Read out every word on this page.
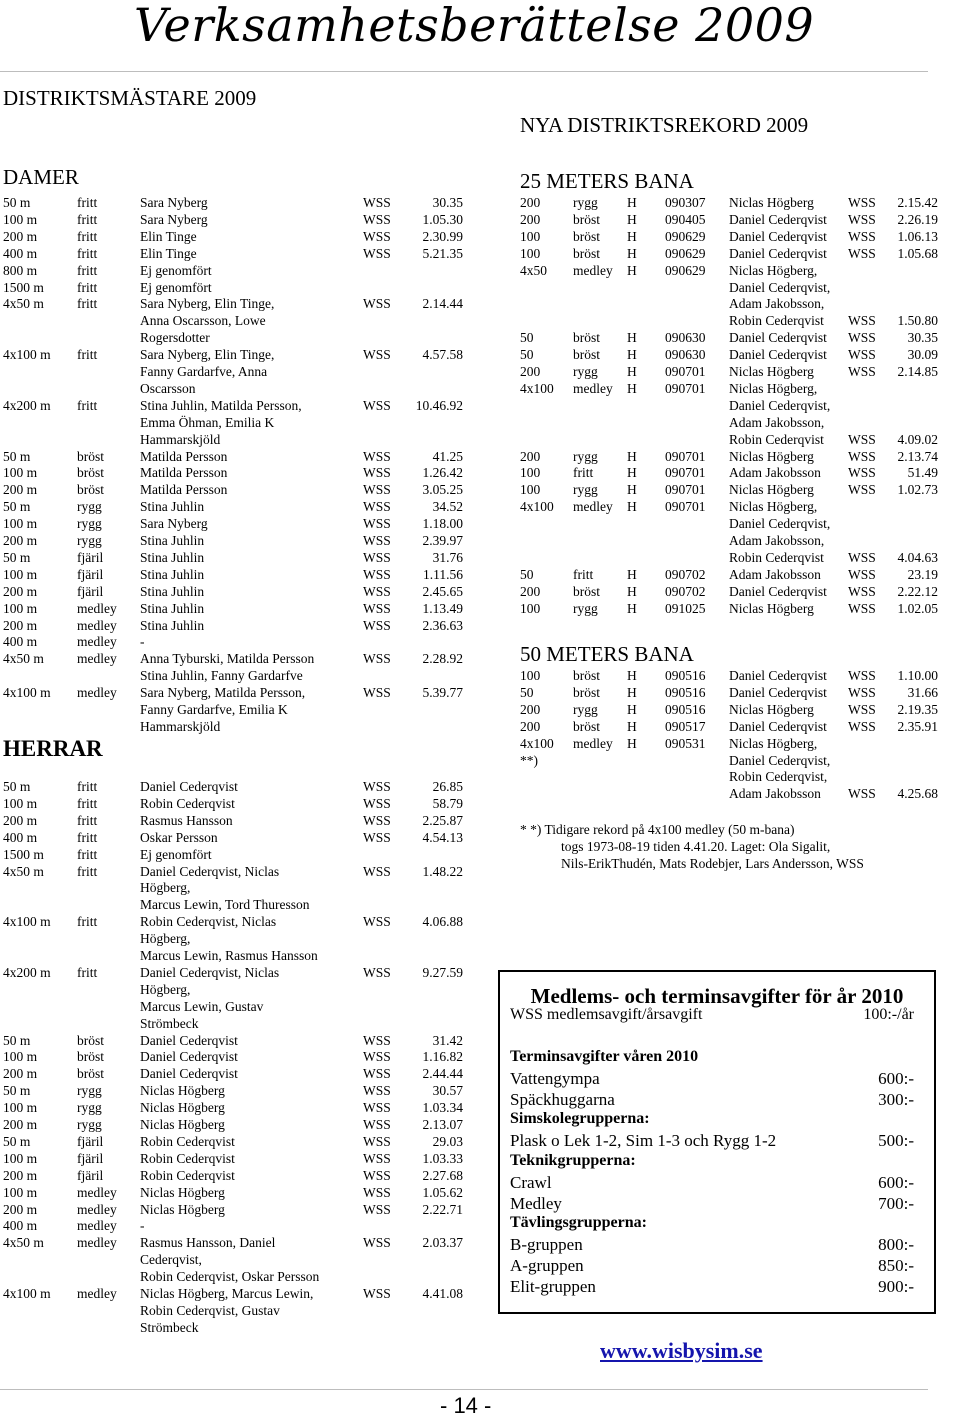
Verksamhetsberättelse 2009
DISTRIKTSMÄSTARE 2009
DAMER
50 m	fritt	Sara Nyberg	WSS	30.35
100 m	fritt	Sara Nyberg	WSS 1.05.30
200 m	fritt	Elin Tinge	WSS 2.30.99
400 m	fritt	Elin Tinge	WSS 5.21.35
800 m	fritt	Ej genomfört
1500 m fritt	Ej genomfört
4x50 m fritt	Sara Nyberg, Elin Tinge,	WSS 2.14.44
Anna Oscarsson, Lowe
Rogersdotter
4x100 m fritt	Sara Nyberg, Elin Tinge,	WSS 4.57.58
Fanny Gardarfve, Anna
Oscarsson
4x200 m fritt	Stina Juhlin, Matilda Persson,	WSS 10.46.92
Emma Öhman, Emilia K
Hammarskjöld
50 m	bröst	Matilda Persson	WSS	41.25
100 m	bröst	Matilda Persson	WSS 1.26.42
200 m	bröst	Matilda Persson	WSS 3.05.25
50 m	rygg	Stina Juhlin	WSS	34.52
100 m	rygg	Sara Nyberg	WSS 1.18.00
200 m	rygg	Stina Juhlin	WSS 2.39.97
50 m	fjäril	Stina Juhlin	WSS	31.76
100 m	fjäril	Stina Juhlin	WSS 1.11.56
200 m	fjäril	Stina Juhlin	WSS 2.45.65
100 m	medley Stina Juhlin	WSS 1.13.49
200 m	medley Stina Juhlin	WSS 2.36.63
400 m	medley -
4x50 m medley Anna Tyburski, Matilda Persson	WSS 2.28.92
Stina Juhlin, Fanny Gardarfve
4x100 m medley Sara Nyberg, Matilda Persson,	WSS 5.39.77
Fanny Gardarfve, Emilia K
Hammarskjöld
HERRAR
50 m	fritt	Daniel Cederqvist	WSS	26.85
100 m	fritt	Robin Cederqvist	WSS	58.79
200 m	fritt	Rasmus Hansson	WSS 2.25.87
400 m	fritt	Oskar Persson	WSS 4.54.13
1500 m fritt	Ej genomfört
4x50 m fritt	Daniel Cederqvist, Niclas	WSS 1.48.22
Högberg,
Marcus Lewin, Tord Thuresson
4x100 m fritt	Robin Cederqvist, Niclas	WSS 4.06.88
Högberg,
Marcus Lewin, Rasmus Hansson
4x200 m fritt	Daniel Cederqvist, Niclas	WSS 9.27.59
Högberg,
Marcus Lewin, Gustav
Strömbeck
50 m	bröst	Daniel Cederqvist	WSS	31.42
100 m	bröst	Daniel Cederqvist	WSS 1.16.82
200 m	bröst	Daniel Cederqvist	WSS 2.44.44
50 m	rygg	Niclas Högberg	WSS	30.57
100 m	rygg	Niclas Högberg	WSS 1.03.34
200 m	rygg	Niclas Högberg	WSS 2.13.07
50 m	fjäril	Robin Cederqvist	WSS	29.03
100 m	fjäril	Robin Cederqvist	WSS 1.03.33
200 m	fjäril	Robin Cederqvist	WSS 2.27.68
100 m	medley Niclas Högberg	WSS 1.05.62
200 m	medley Niclas Högberg	WSS 2.22.71
400 m	medley -
4x50 m medley Rasmus Hansson, Daniel	WSS 2.03.37
Cederqvist,
Robin Cederqvist, Oskar Persson
4x100 m medley Niclas Högberg, Marcus Lewin,	WSS 4.41.08
Robin Cederqvist, Gustav
Strömbeck
NYA DISTRIKTSREKORD 2009
25 METERS BANA
200 rygg H 090307 Niclas Högberg	WSS 2.15.42
200 bröst H 090405 Daniel Cederqvist WSS 2.26.19
100 bröst H 090629 Daniel Cederqvist WSS 1.06.13
100 bröst H 090629 Daniel Cederqvist WSS 1.05.68
4x50 medley H 090629 Niclas Högberg,
Daniel Cederqvist,
Adam Jakobsson,
Robin Cederqvist WSS 1.50.80
50	bröst H 090630 Daniel Cederqvist WSS 30.35
50	bröst H 090630 Daniel Cederqvist WSS 30.09
200 rygg H 090701 Niclas Högberg	WSS 2.14.85
4x100 medley H 090701 Niclas Högberg,
Daniel Cederqvist,
Adam Jakobsson,
Robin Cederqvist WSS 4.09.02
200 rygg H 090701 Niclas Högberg	WSS 2.13.74
100 fritt	H 090701 Adam Jakobsson WSS 51.49
100 rygg H 090701 Niclas Högberg	WSS 1.02.73
4x100 medley H 090701 Niclas Högberg,
Daniel Cederqvist,
Adam Jakobsson,
Robin Cederqvist WSS 4.04.63
50	fritt	H 090702 Adam Jakobsson WSS 23.19
200 bröst H 090702 Daniel Cederqvist WSS 2.22.12
100 rygg H 091025 Niclas Högberg	WSS 1.02.05
50 METERS BANA
100 bröst H 090516 Daniel Cederqvist WSS 1.10.00
50	bröst H 090516 Daniel Cederqvist WSS 31.66
200 rygg H 090516 Niclas Högberg	WSS 2.19.35
200 bröst H 090517 Daniel Cederqvist WSS 2.35.91
4x100 medley H 090531 Niclas Högberg,
**)	Daniel Cederqvist,
Robin Cederqvist,
Adam Jakobsson WSS 4.25.68
* *) Tidigare rekord på 4x100 medley (50 m-bana)
togs 1973-08-19 tiden 4.41.20. Laget: Ola Sigalit,
Nils-ErikThudén, Mats Rodebjer, Lars Andersson, WSS
Medlems- och terminsavgifter för år 2010
WSS medlemsavgift/årsavgift	100:-/år
Terminsavgifter våren 2010
Vattengympa	600:-
Späckhuggarna	300:-
Simskolegrupperna:
Plask o Lek 1-2, Sim 1-3 och Rygg 1-2	500:-
Teknikgrupperna:
Crawl	600:-
Medley	700:-
Tävlingsgrupperna:
B-gruppen	800:-
A-gruppen	850:-
Elit-gruppen	900:-
www.wisbysim.se
- 14 -
